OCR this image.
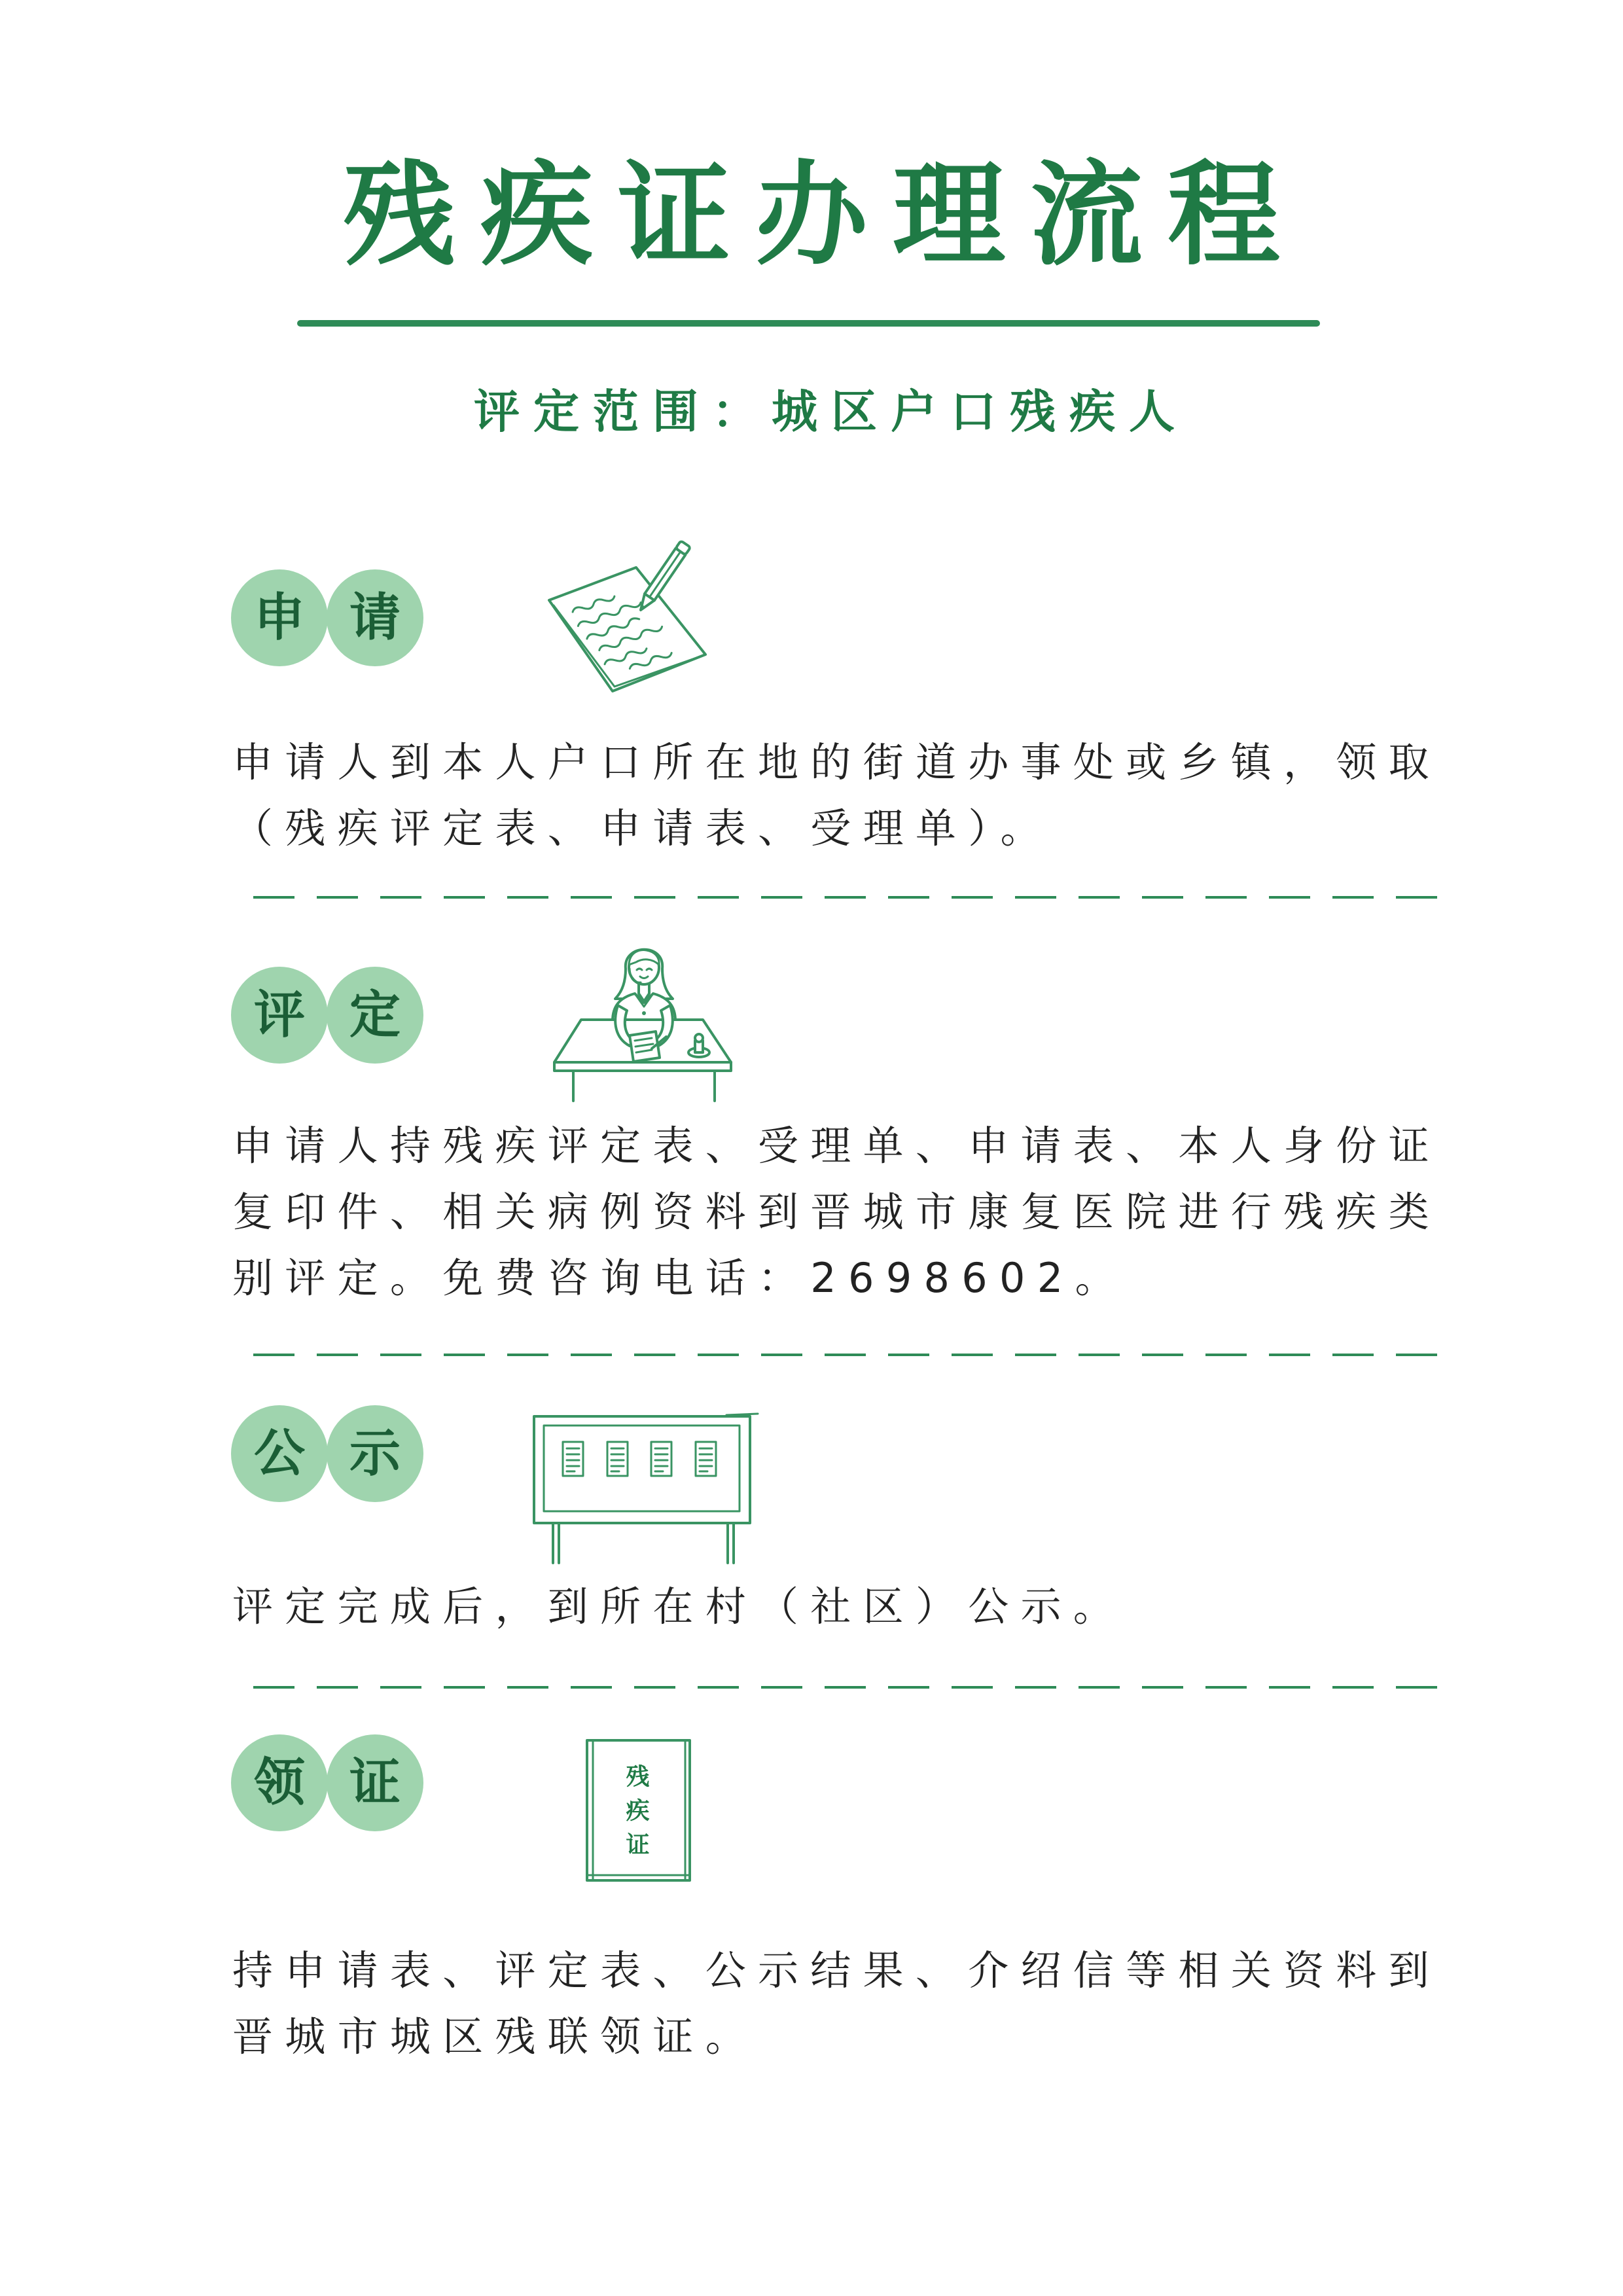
残疾证办理流程
评定范围：城区户口残疾人
申 请
申请人到本人户口所在地的街道办事处或乡镇，领取
（残疾评定表、申请表、受理单）。
评 定
申请人持残疾评定表、受理单、申请表、本人身份证
复印件、相关病例资料到晋城市康复医院进行残疾类
别评定。免费咨询电话：2698602。
公 示
评定完成后，到所在村（社区）公示。
领 证	残疾证
持申请表、评定表、公示结果、介绍信等相关资料到
晋城市城区残联领证。
